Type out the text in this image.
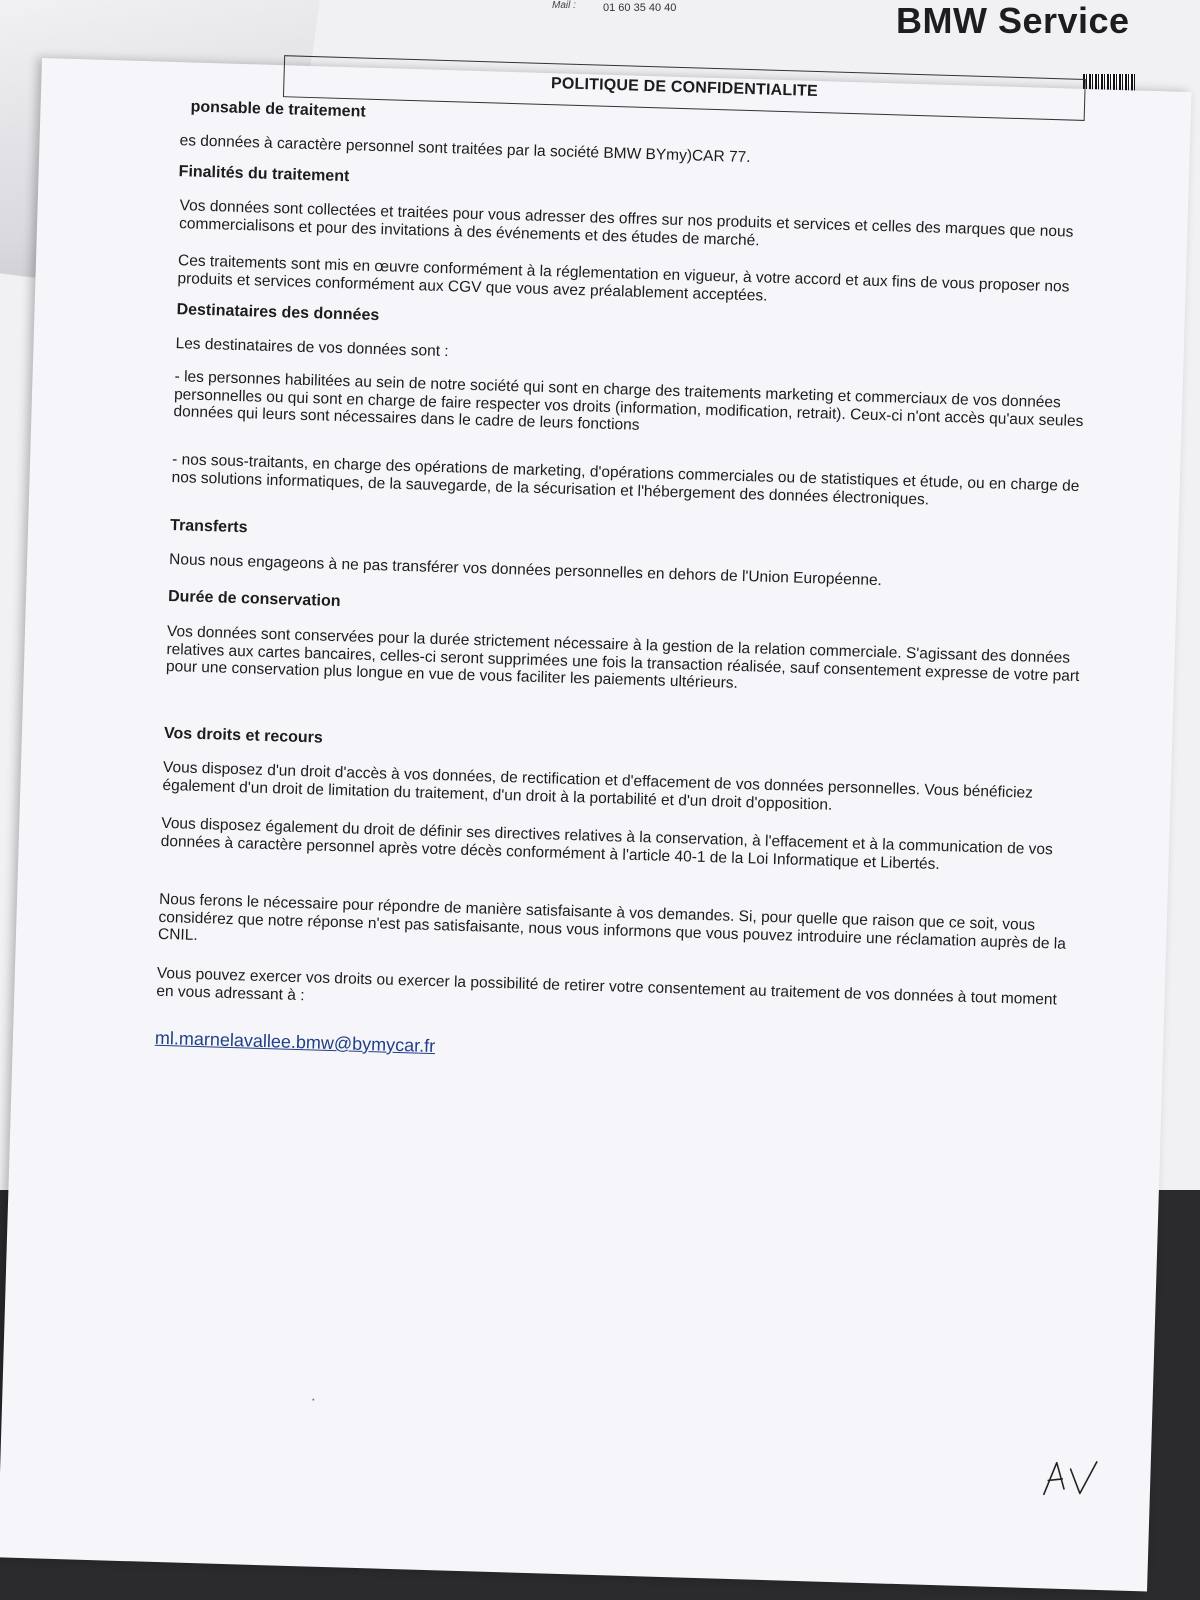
Mail : 01 60 35 40 40	BMW Service
POLITIQUE DE CONFIDENTIALITE
ponsable de traitement
es données à caractère personnel sont traitées par la société BMW BYmy)CAR 77.
Finalités du traitement
Vos données sont collectées et traitées pour vous adresser des offres sur nos produits et services et celles des marques que nous commercialisons et pour des invitations à des événements et des études de marché.
Ces traitements sont mis en œuvre conformément à la réglementation en vigueur, à votre accord et aux fins de vous proposer nos produits et services conformément aux CGV que vous avez préalablement acceptées.
Destinataires des données
Les destinataires de vos données sont :
- les personnes habilitées au sein de notre société qui sont en charge des traitements marketing et commerciaux de vos données personnelles ou qui sont en charge de faire respecter vos droits (information, modification, retrait). Ceux-ci n'ont accès qu'aux seules données qui leurs sont nécessaires dans le cadre de leurs fonctions
- nos sous-traitants, en charge des opérations de marketing, d'opérations commerciales ou de statistiques et étude, ou en charge de nos solutions informatiques, de la sauvegarde, de la sécurisation et l'hébergement des données électroniques.
Transferts
Nous nous engageons à ne pas transférer vos données personnelles en dehors de l'Union Européenne.
Durée de conservation
Vos données sont conservées pour la durée strictement nécessaire à la gestion de la relation commerciale. S'agissant des données relatives aux cartes bancaires, celles-ci seront supprimées une fois la transaction réalisée, sauf consentement expresse de votre part pour une conservation plus longue en vue de vous faciliter les paiements ultérieurs.
Vos droits et recours
Vous disposez d'un droit d'accès à vos données, de rectification et d'effacement de vos données personnelles. Vous bénéficiez également d'un droit de limitation du traitement, d'un droit à la portabilité et d'un droit d'opposition.
Vous disposez également du droit de définir ses directives relatives à la conservation, à l'effacement et à la communication de vos données à caractère personnel après votre décès conformément à l'article 40-1 de la Loi Informatique et Libertés.
Nous ferons le nécessaire pour répondre de manière satisfaisante à vos demandes. Si, pour quelle que raison que ce soit, vous considérez que notre réponse n'est pas satisfaisante, nous vous informons que vous pouvez introduire une réclamation auprès de la CNIL.
Vous pouvez exercer vos droits ou exercer la possibilité de retirer votre consentement au traitement de vos données à tout moment en vous adressant à :
ml.marnelavallee.bmw@bymycar.fr
